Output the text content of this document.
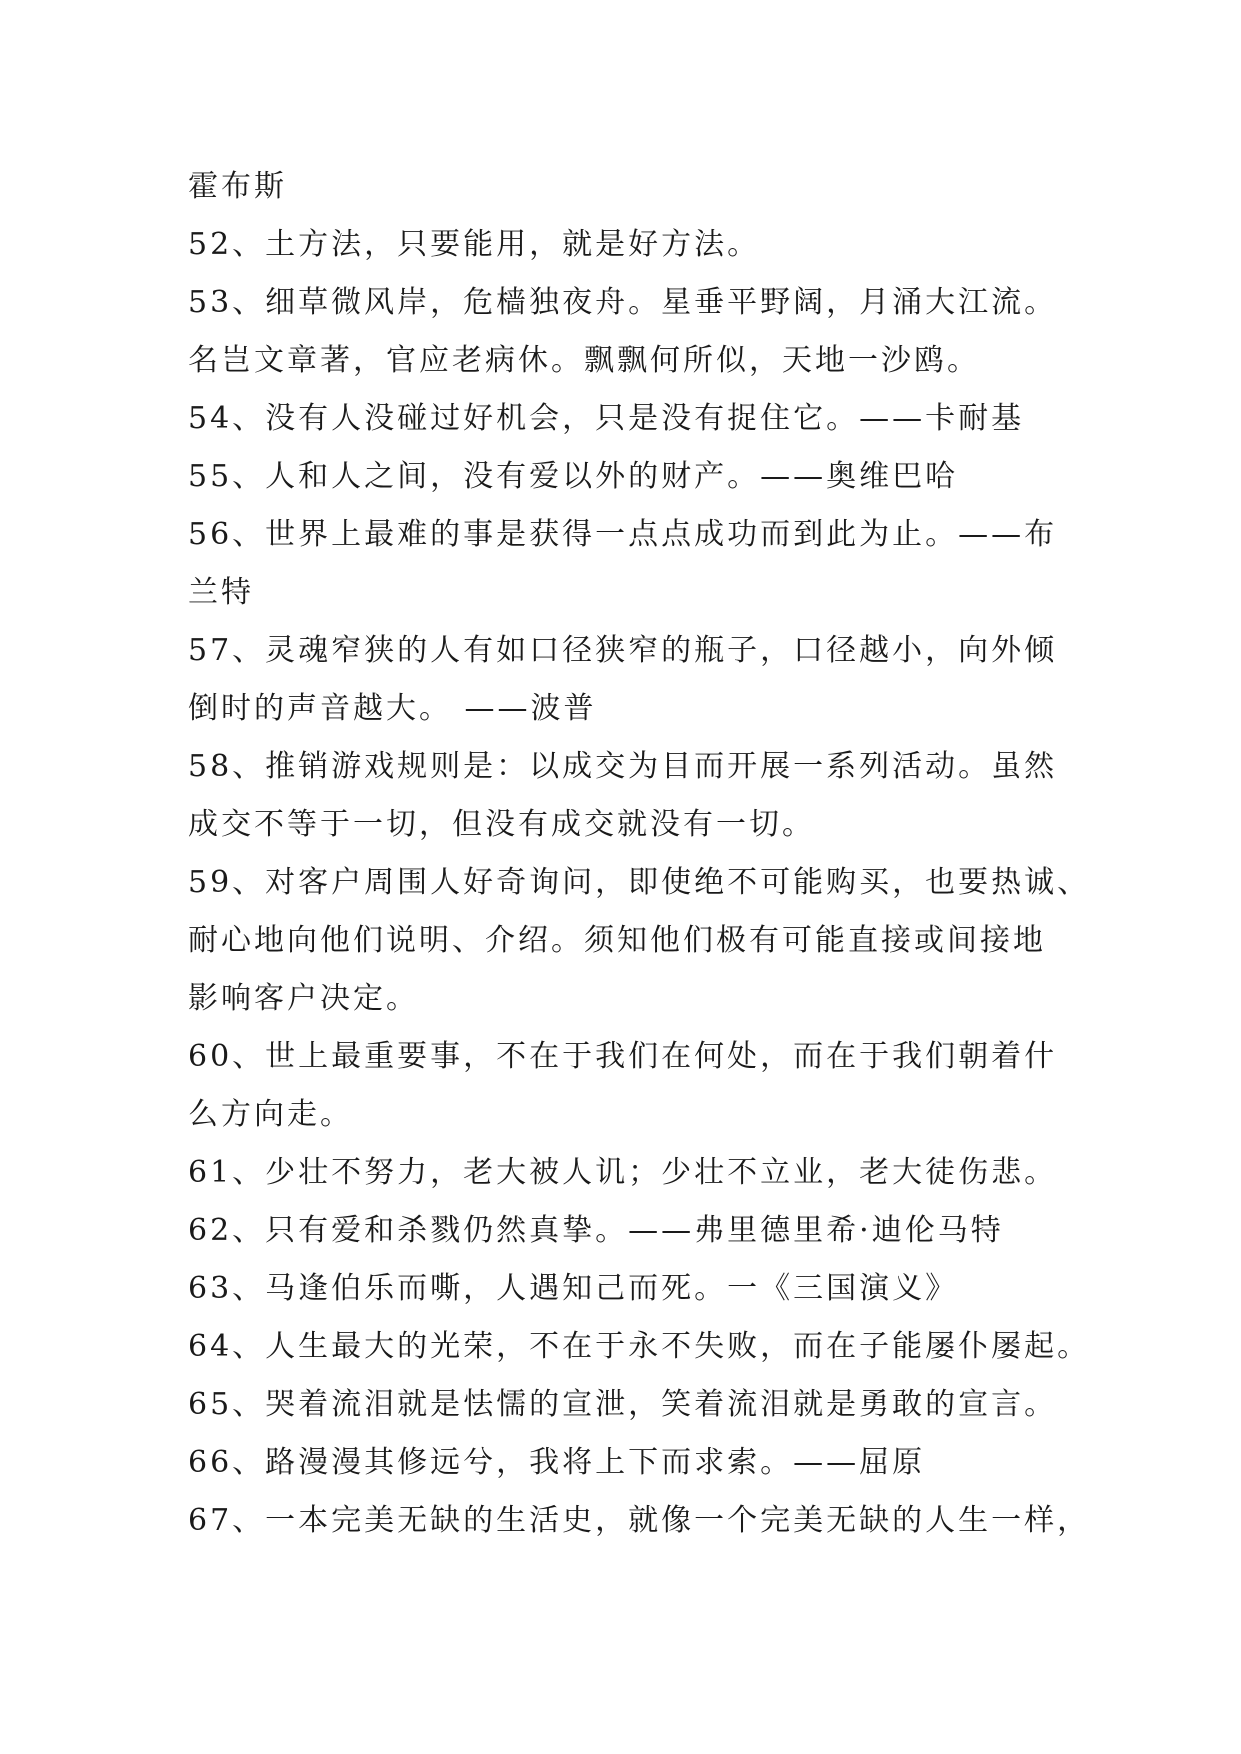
霍布斯
52、土方法，只要能用，就是好方法。
53、细草微风岸，危樯独夜舟。星垂平野阔，月涌大江流。
名岂文章著，官应老病休。飘飘何所似，天地一沙鸥。
54、没有人没碰过好机会，只是没有捉住它。——卡耐基
55、人和人之间，没有爱以外的财产。——奥维巴哈
56、世界上最难的事是获得一点点成功而到此为止。——布
兰特
57、灵魂窄狭的人有如口径狭窄的瓶子，口径越小，向外倾
倒时的声音越大。 ——波普
58、推销游戏规则是：以成交为目而开展一系列活动。虽然
成交不等于一切，但没有成交就没有一切。
59、对客户周围人好奇询问，即使绝不可能购买，也要热诚、
耐心地向他们说明、介绍。须知他们极有可能直接或间接地
影响客户决定。
60、世上最重要事，不在于我们在何处，而在于我们朝着什
么方向走。
61、少壮不努力，老大被人讥；少壮不立业，老大徒伤悲。
62、只有爱和杀戮仍然真挚。——弗里德里希·迪伦马特
63、马逢伯乐而嘶，人遇知己而死。一《三国演义》
64、人生最大的光荣，不在于永不失败，而在子能屡仆屡起。
65、哭着流泪就是怯懦的宣泄，笑着流泪就是勇敢的宣言。
66、路漫漫其修远兮，我将上下而求索。——屈原
67、一本完美无缺的生活史，就像一个完美无缺的人生一样，
